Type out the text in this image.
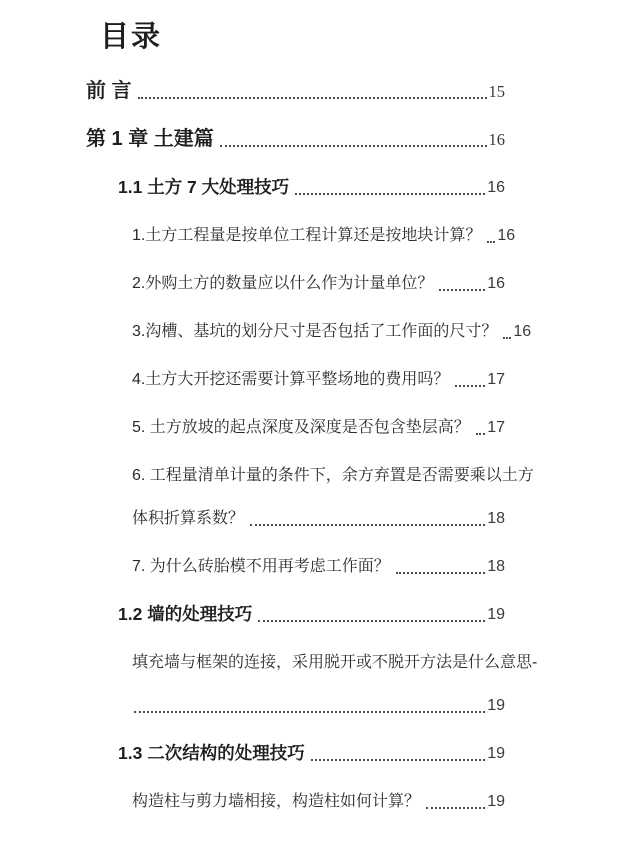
目录
前 言	15
第 1 章 土建篇	16
1.1 土方 7 大处理技巧	16
1.土方工程量是按单位工程计算还是按地块计算？ 16
2.外购土方的数量应以什么作为计量单位？	16
3.沟槽、基坑的划分尺寸是否包括了工作面的尺寸？ 16
4.土方大开挖还需要计算平整场地的费用吗？ 17
5. 土方放坡的起点深度及深度是否包含垫层高？ 17
6. 工程量清单计量的条件下，余方弃置是否需要乘以土方
体积折算系数？	18
7. 为什么砖胎模不用再考虑工作面？	18
1.2 墙的处理技巧	19
填充墙与框架的连接，采用脱开或不脱开方法是什么意思-
19
1.3 二次结构的处理技巧	19
构造柱与剪力墙相接，构造柱如何计算？	19
